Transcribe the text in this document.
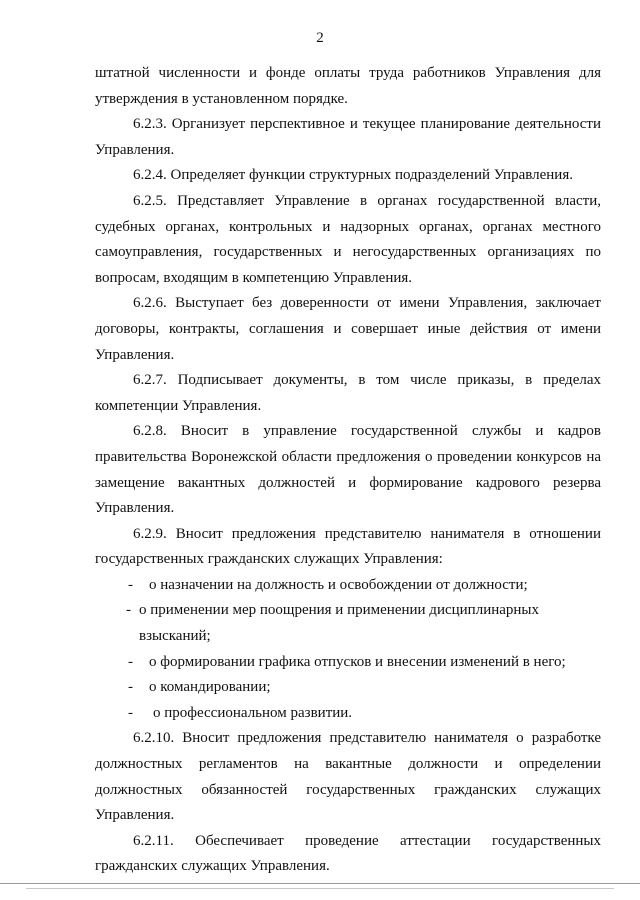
2

штатной численности и фонде оплаты труда работников Управления для утверждения в установленном порядке.

6.2.3. Организует перспективное и текущее планирование деятельности Управления.

6.2.4. Определяет функции структурных подразделений Управления.

6.2.5. Представляет Управление в органах государственной власти, судебных органах, контрольных и надзорных органах, органах местного самоуправления, государственных и негосударственных организациях по вопросам, входящим в компетенцию Управления.

6.2.6. Выступает без доверенности от имени Управления, заключает договоры, контракты, соглашения и совершает иные действия от имени Управления.

6.2.7. Подписывает документы, в том числе приказы, в пределах компетенции Управления.

6.2.8. Вносит в управление государственной службы и кадров правительства Воронежской области предложения о проведении конкурсов на замещение вакантных должностей и формирование кадрового резерва Управления.

6.2.9. Вносит предложения представителю нанимателя в отношении государственных гражданских служащих Управления:

-	о назначении на должность и освобождении от должности;

- о применении мер поощрения и применении дисциплинарных взысканий;

-	о формировании графика отпусков и внесении изменений в него;

-	о командировании;

-	о профессиональном развитии.

6.2.10. Вносит предложения представителю нанимателя о разработке должностных регламентов на вакантные должности и определении должностных обязанностей государственных гражданских служащих Управления.

6.2.11. Обеспечивает проведение аттестации государственных гражданских служащих Управления.
